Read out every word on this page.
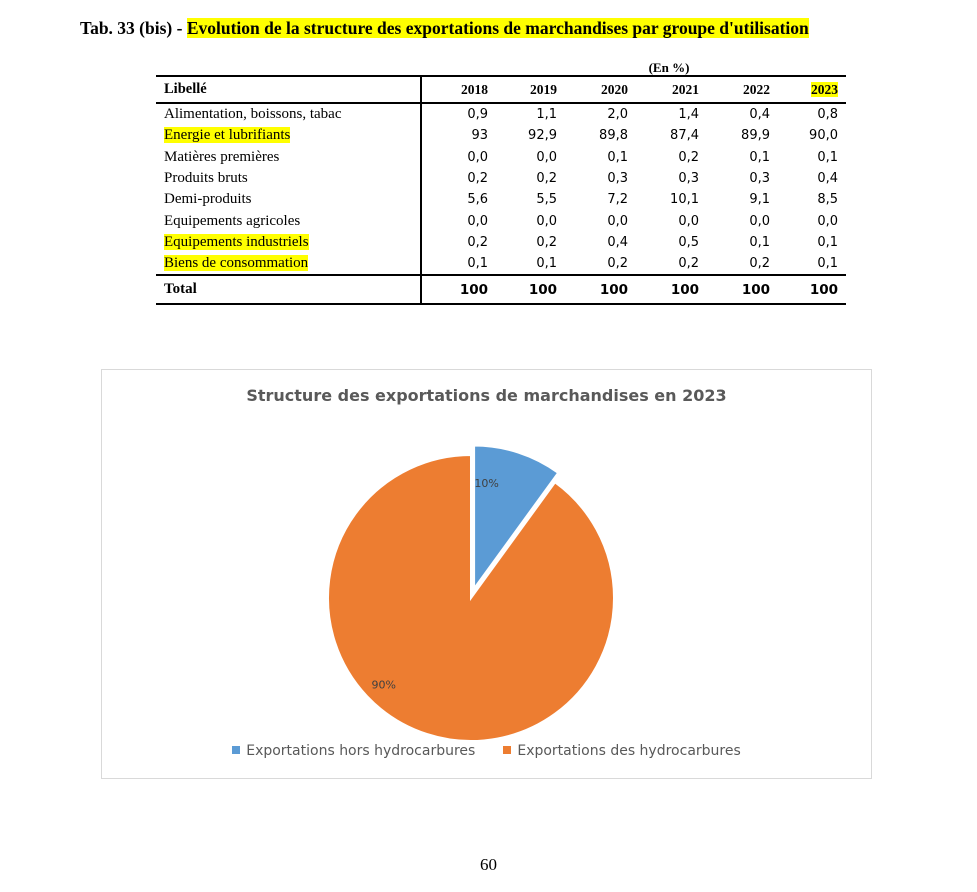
Tab. 33 (bis) - Evolution de la structure des exportations de marchandises par groupe d'utilisation
(En %)
Libellé	2018	2019	2020	2021	2022	2023
Alimentation, boissons, tabac	0,9	1,1	2,0	1,4	0,4	0,8
Energie et lubrifiants	93	92,9	89,8	87,4	89,9	90,0
Matières premières	0,0	0,0	0,1	0,2	0,1	0,1
Produits bruts	0,2	0,2	0,3	0,3	0,3	0,4
Demi-produits	5,6	5,5	7,2	10,1	9,1	8,5
Equipements agricoles	0,0	0,0	0,0	0,0	0,0	0,0
Equipements industriels	0,2	0,2	0,4	0,5	0,1	0,1
Biens de consommation	0,1	0,1	0,2	0,2	0,2	0,1
Total	100	100	100	100	100	100
Structure des exportations de marchandises en 2023
10%
90%
Exportations hors hydrocarbures	Exportations des hydrocarbures
60
